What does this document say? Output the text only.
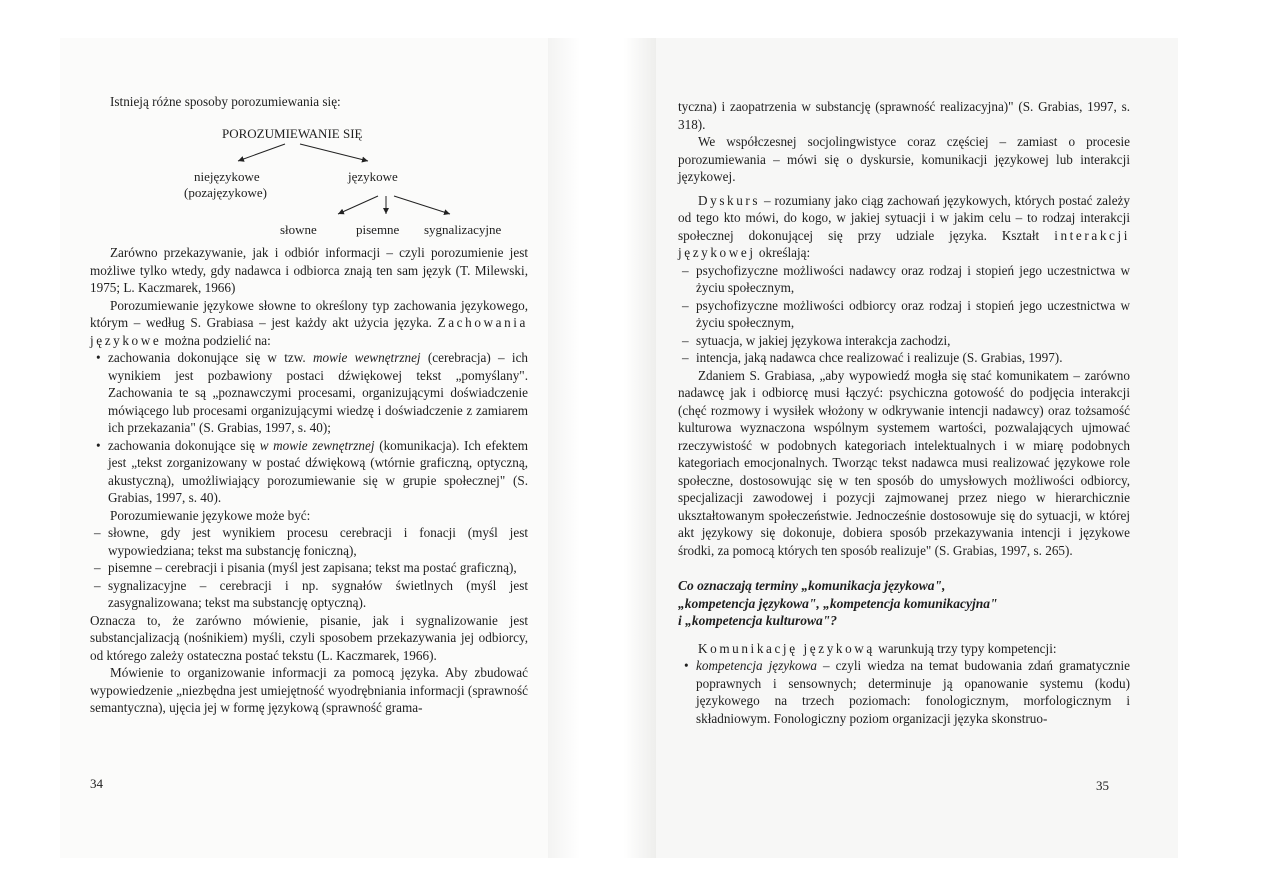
Istnieją różne sposoby porozumiewania się:
POROZUMIEWANIE SIĘ
niejęzykowe
(pozajęzykowe)
językowe
słowne	pisemne sygnalizacyjne

Zarówno przekazywanie, jak i odbiór informacji – czyli porozumienie jest możliwe tylko wtedy, gdy nadawca i odbiorca znają ten sam język (T. Milewski, 1975; L. Kaczmarek, 1966)

Porozumiewanie językowe słowne to określony typ zachowania językowego, którym – według S. Grabiasa – jest każdy akt użycia języka. Zachowania językowe można podzielić na:

• zachowania dokonujące się w tzw. mowie wewnętrznej (cerebracja) – ich wynikiem jest pozbawiony postaci dźwiękowej tekst „pomyślany". Zachowania te są „poznawczymi procesami, organizującymi doświadczenie mówiącego lub procesami organizującymi wiedzę i doświadczenie z zamiarem ich przekazania" (S. Grabias, 1997, s. 40);
• zachowania dokonujące się w mowie zewnętrznej (komunikacja). Ich efektem jest „tekst zorganizowany w postać dźwiękową (wtórnie graficzną, optyczną, akustyczną), umożliwiający porozumiewanie się w grupie społecznej" (S. Grabias, 1997, s. 40).

Porozumiewanie językowe może być:

– słowne, gdy jest wynikiem procesu cerebracji i fonacji (myśl jest wypowiedziana; tekst ma substancję foniczną),
– pisemne – cerebracji i pisania (myśl jest zapisana; tekst ma postać graficzną),
– sygnalizacyjne – cerebracji i np. sygnałów świetlnych (myśl jest zasygnalizowana; tekst ma substancję optyczną).

Oznacza to, że zarówno mówienie, pisanie, jak i sygnalizowanie jest substancjalizacją (nośnikiem) myśli, czyli sposobem przekazywania jej odbiorcy, od którego zależy ostateczna postać tekstu (L. Kaczmarek, 1966).

Mówienie to organizowanie informacji za pomocą języka. Aby zbudować wypowiedzenie „niezbędna jest umiejętność wyodrębniania informacji (sprawność semantyczna), ujęcia jej w formę językową (sprawność grama-

34

tyczna) i zaopatrzenia w substancję (sprawność realizacyjna)" (S. Grabias, 1997, s. 318).

We współczesnej socjolingwistyce coraz częściej – zamiast o procesie porozumiewania – mówi się o dyskursie, komunikacji językowej lub interakcji językowej.

Dyskurs – rozumiany jako ciąg zachowań językowych, których postać zależy od tego kto mówi, do kogo, w jakiej sytuacji i w jakim celu – to rodzaj interakcji społecznej dokonującej się przy udziale języka. Kształt interakcji językowej określają:

– psychofizyczne możliwości nadawcy oraz rodzaj i stopień jego uczestnictwa w życiu społecznym,
– psychofizyczne możliwości odbiorcy oraz rodzaj i stopień jego uczestnictwa w życiu społecznym,
– sytuacja, w jakiej językowa interakcja zachodzi,
– intencja, jaką nadawca chce realizować i realizuje (S. Grabias, 1997).

Zdaniem S. Grabiasa, „aby wypowiedź mogła się stać komunikatem – zarówno nadawcę jak i odbiorcę musi łączyć: psychiczna gotowość do podjęcia interakcji (chęć rozmowy i wysiłek włożony w odkrywanie intencji nadawcy) oraz tożsamość kulturowa wyznaczona wspólnym systemem wartości, pozwalających ujmować rzeczywistość w podobnych kategoriach intelektualnych i w miarę podobnych kategoriach emocjonalnych. Tworząc tekst nadawca musi realizować językowe role społeczne, dostosowując się w ten sposób do umysłowych możliwości odbiorcy, specjalizacji zawodowej i pozycji zajmowanej przez niego w hierarchicznie ukształtowanym społeczeństwie. Jednocześnie dostosowuje się do sytuacji, w której akt językowy się dokonuje, dobiera sposób przekazywania intencji i językowe środki, za pomocą których ten sposób realizuje" (S. Grabias, 1997, s. 265).

Co oznaczają terminy „komunikacja językowa",

„kompetencja językowa", „kompetencja komunikacyjna"

i „kompetencja kulturowa"?

Komunikację językową warunkują trzy typy kompetencji:

• kompetencja językowa – czyli wiedza na temat budowania zdań gramatycznie poprawnych i sensownych; determinuje ją opanowanie systemu (kodu) językowego na trzech poziomach: fonologicznym, morfologicznym i składniowym. Fonologiczny poziom organizacji języka skonstruo-
35
